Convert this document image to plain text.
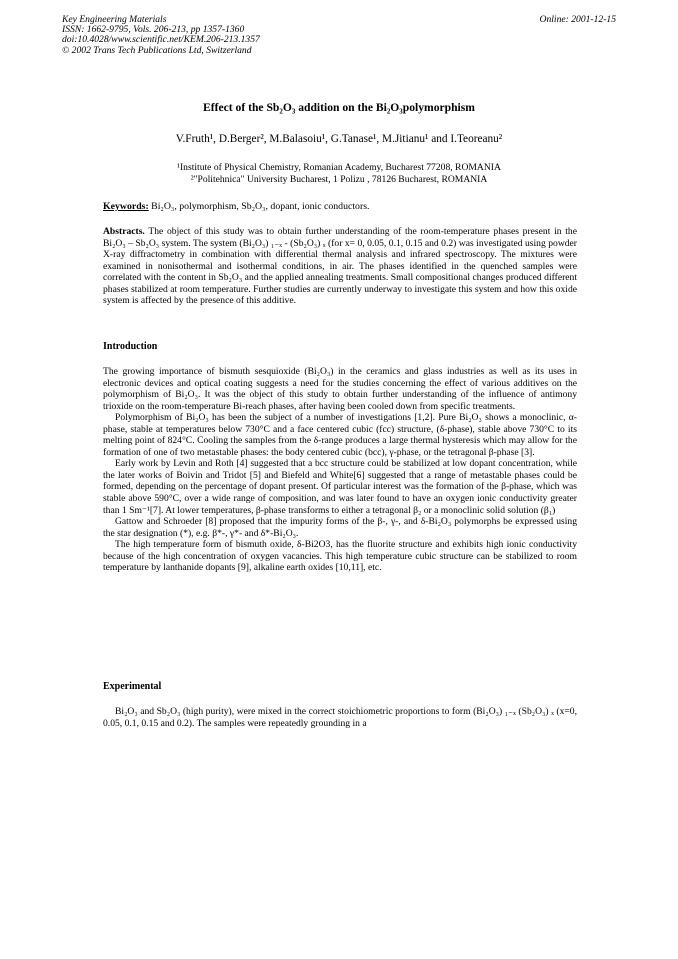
Key Engineering Materials
ISSN: 1662-9795, Vols. 206-213, pp 1357-1360
doi:10.4028/www.scientific.net/KEM.206-213.1357
© 2002 Trans Tech Publications Ltd, Switzerland
Online: 2001-12-15
Effect of the Sb₂O₃ addition on the Bi₂O₃polymorphism
V.Fruth¹, D.Berger², M.Balasoiu¹, G.Tanase¹, M.Jitianu¹ and I.Teoreanu²
¹Institute of Physical Chemistry, Romanian Academy, Bucharest 77208, ROMANIA
²"Politehnica" University Bucharest, 1 Polizu , 78126 Bucharest, ROMANIA
Keywords: Bi₂O₃, polymorphism, Sb₂O₃, dopant, ionic conductors.

Abstracts. The object of this study was to obtain further understanding of the room-temperature phases present in the Bi₂O₃ – Sb₂O₃ system. The system (Bi₂O₃) ₁₋ₓ - (Sb₂O₃) ₓ (for x= 0, 0.05, 0.1, 0.15 and 0.2) was investigated using powder X-ray diffractometry in combination with differential thermal analysis and infrared spectroscopy. The mixtures were examined in nonisothermal and isothermal conditions, in air. The phases identified in the quenched samples were correlated with the content in Sb₂O₃ and the applied annealing treatments. Small compositional changes produced different phases stabilized at room temperature. Further studies are currently underway to investigate this system and how this oxide system is affected by the presence of this additive.

Introduction

The growing importance of bismuth sesquioxide (Bi₂O₃) in the ceramics and glass industries as well as its uses in electronic devices and optical coating suggests a need for the studies concerning the effect of various additives on the polymorphism of Bi₂O₃. It was the object of this study to obtain further understanding of the influence of antimony trioxide on the room-temperature Bi-reach phases, after having been cooled down from specific treatments.

Polymorphism of Bi₂O₃ has been the subject of a number of investigations [1,2]. Pure Bi₂O₃ shows a monoclinic, α-phase, stable at temperatures below 730°C and a face centered cubic (fcc) structure, (δ-phase), stable above 730°C to its melting point of 824°C. Cooling the samples from the δ-range produces a large thermal hysteresis which may allow for the formation of one of two metastable phases: the body centered cubic (bcc), γ-phase, or the tetragonal β-phase [3].

Early work by Levin and Roth [4] suggested that a bcc structure could be stabilized at low dopant concentration, while the later works of Boivin and Tridot [5] and Biefeld and White[6] suggested that a range of metastable phases could be formed, depending on the percentage of dopant present. Of particular interest was the formation of the β-phase, which was stable above 590°C, over a wide range of composition, and was later found to have an oxygen ionic conductivity greater than 1 Sm⁻¹[7]. At lower temperatures, β-phase transforms to either a tetragonal β₂ or a monoclinic solid solution (β₁)

Gattow and Schroeder [8] proposed that the impurity forms of the β-, γ-, and δ-Bi₂O₃ polymorphs be expressed using the star designation (*), e.g. β*-, γ*- and δ*-Bi₂O₃.

The high temperature form of bismuth oxide, δ-Bi2O3, has the fluorite structure and exhibits high ionic conductivity because of the high concentration of oxygen vacancies. This high temperature cubic structure can be stabilized to room temperature by lanthanide dopants [9], alkaline earth oxides [10,11], etc.

Experimental

Bi₂O₃ and Sb₂O₃ (high purity), were mixed in the correct stoichiometric proportions to form (Bi₂O₃) ₁₋ₓ (Sb₂O₃) ₓ (x=0, 0.05, 0.1, 0.15 and 0.2). The samples were repeatedly grounding in a
